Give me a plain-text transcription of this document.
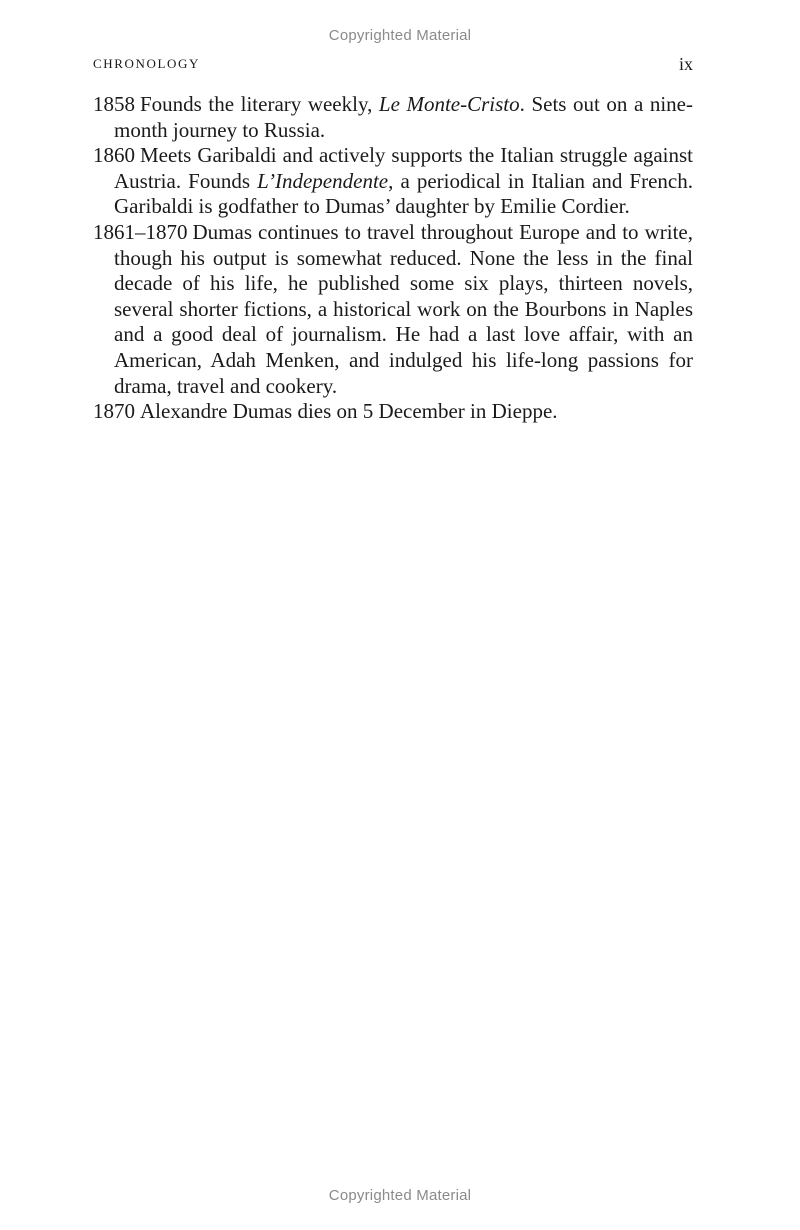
Copyrighted Material
CHRONOLOGY	ix
1858 Founds the literary weekly, Le Monte-Cristo. Sets out on a nine-month journey to Russia.
1860 Meets Garibaldi and actively supports the Italian struggle against Austria. Founds L’Independente, a periodical in Italian and French. Garibaldi is godfather to Dumas’ daughter by Emilie Cordier.
1861–1870 Dumas continues to travel throughout Europe and to write, though his output is somewhat reduced. None the less in the final decade of his life, he published some six plays, thirteen novels, several shorter fictions, a historical work on the Bourbons in Naples and a good deal of journalism. He had a last love affair, with an American, Adah Menken, and indulged his life-long passions for drama, travel and cookery.
1870 Alexandre Dumas dies on 5 December in Dieppe.
Copyrighted Material
